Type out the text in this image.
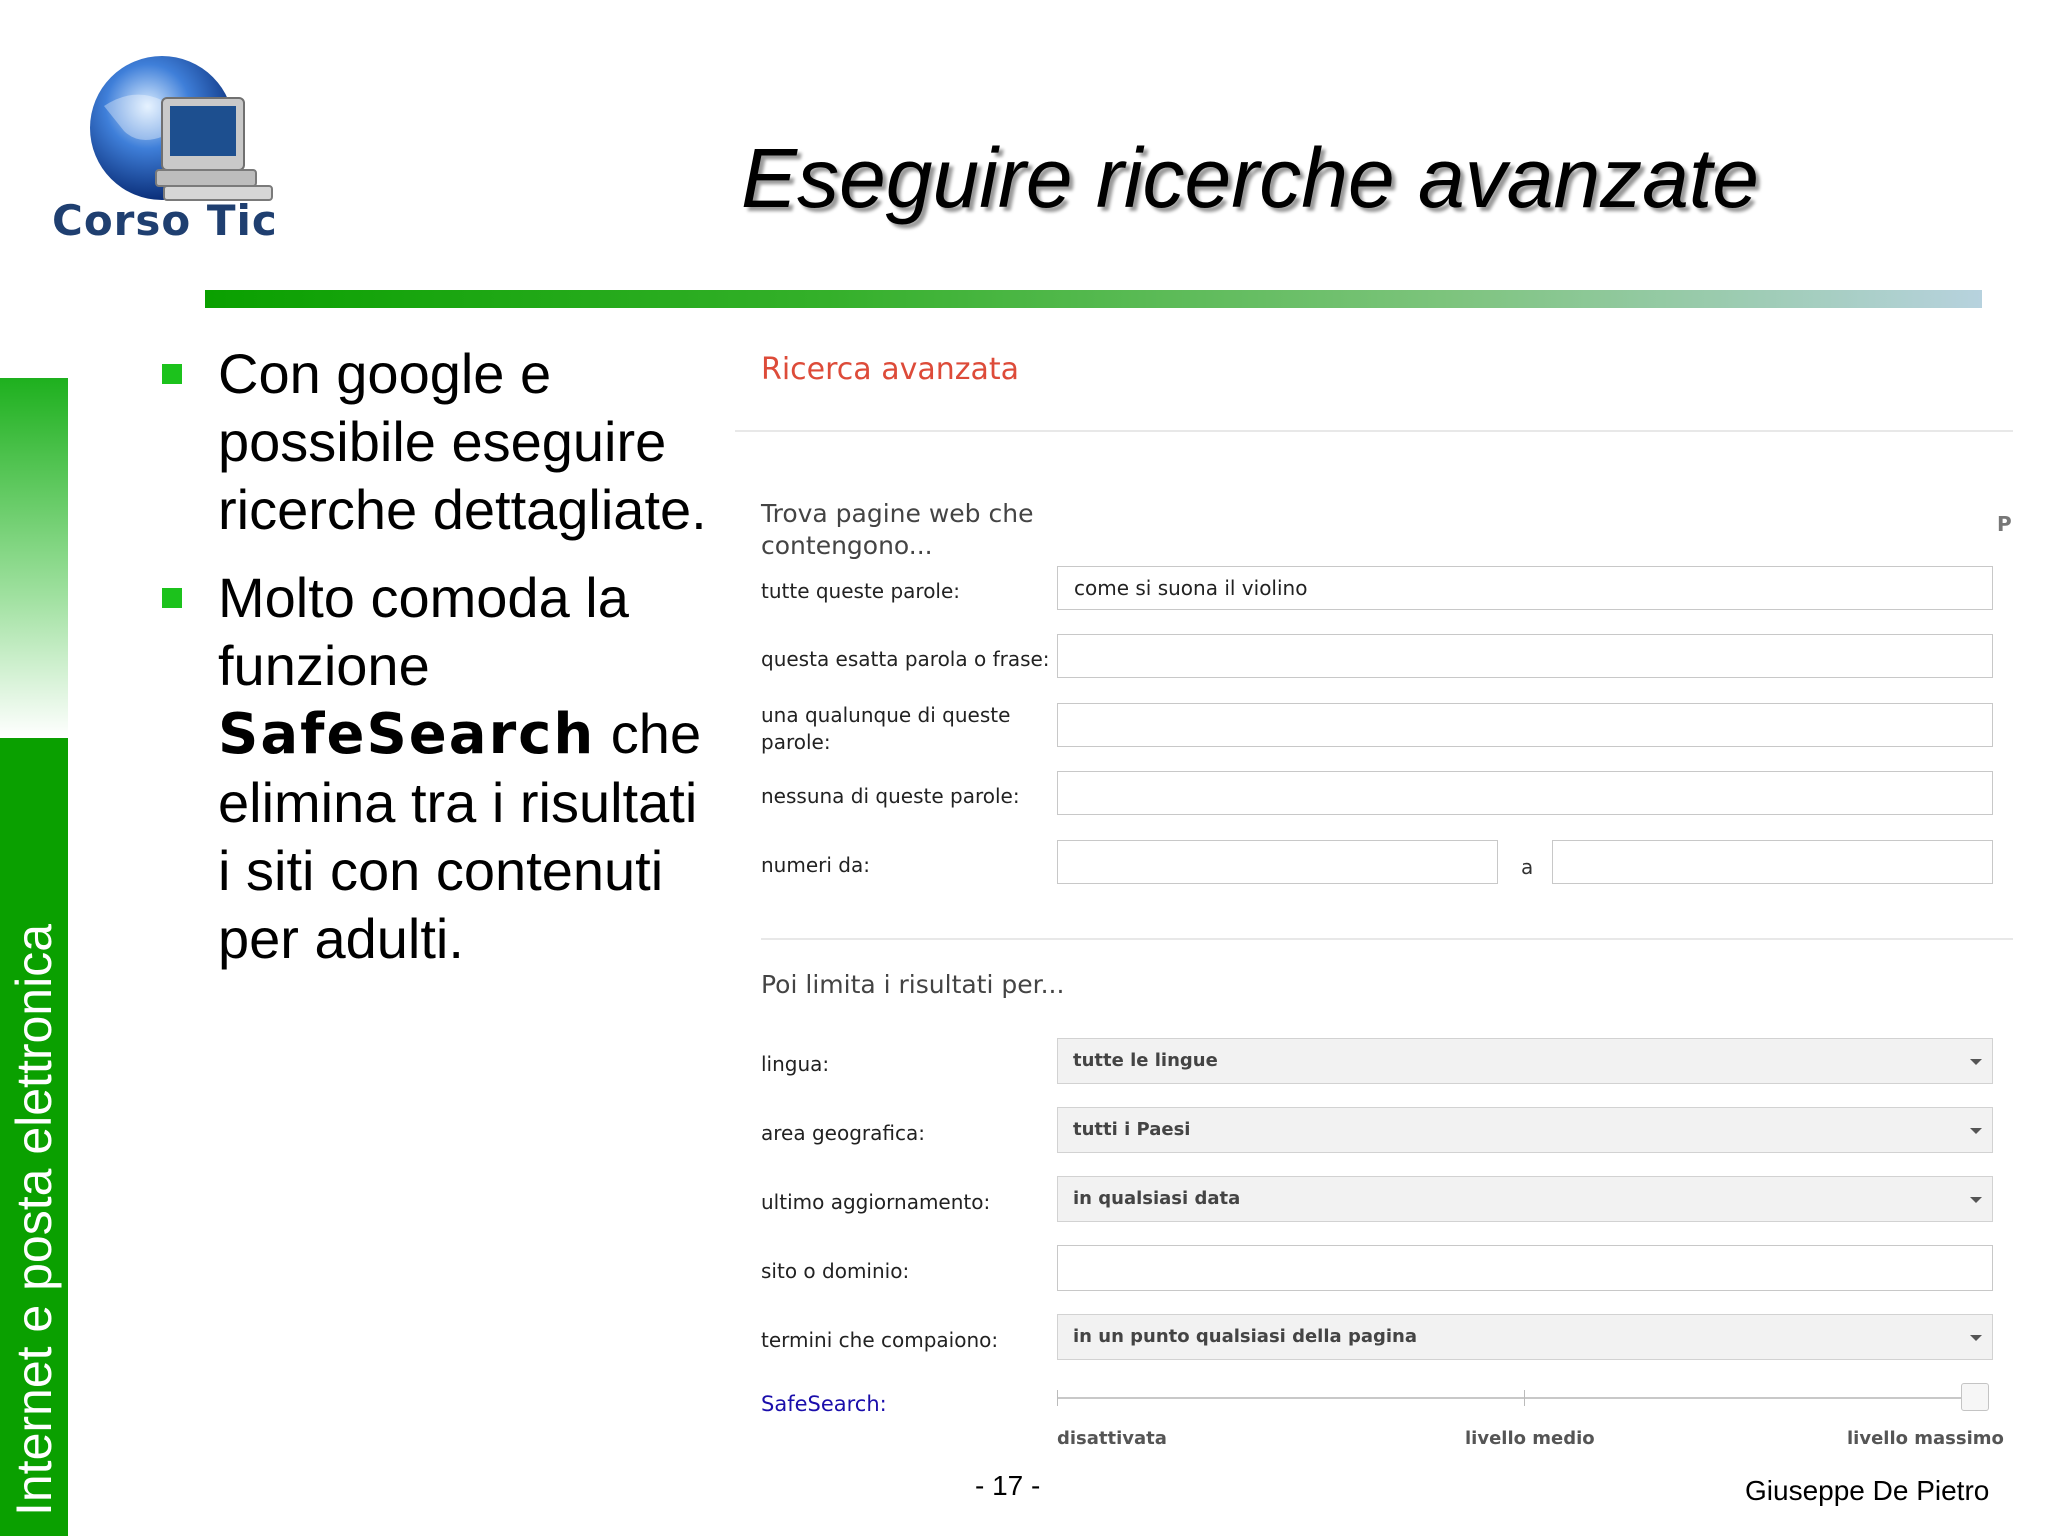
Corso Tic	Eseguire ricerche avanzate
Internet e posta elettronica
Con google e possibile eseguire ricerche dettagliate.
Molto comoda la funzione SafeSearch che elimina tra i risultati i siti con contenuti per adulti.
Ricerca avanzata
Trova pagine web che contengono...
P
tutte queste parole:	come si suona il violino
questa esatta parola o frase:
una qualunque di queste parole:
nessuna di queste parole:
numeri da:	a
Poi limita i risultati per...
lingua:	tutte le lingue
area geografica:	tutti i Paesi
ultimo aggiornamento:	in qualsiasi data
sito o dominio:
termini che compaiono:	in un punto qualsiasi della pagina
SafeSearch:
disattivata	livello medio	livello massimo
- 17 -	Giuseppe De Pietro
